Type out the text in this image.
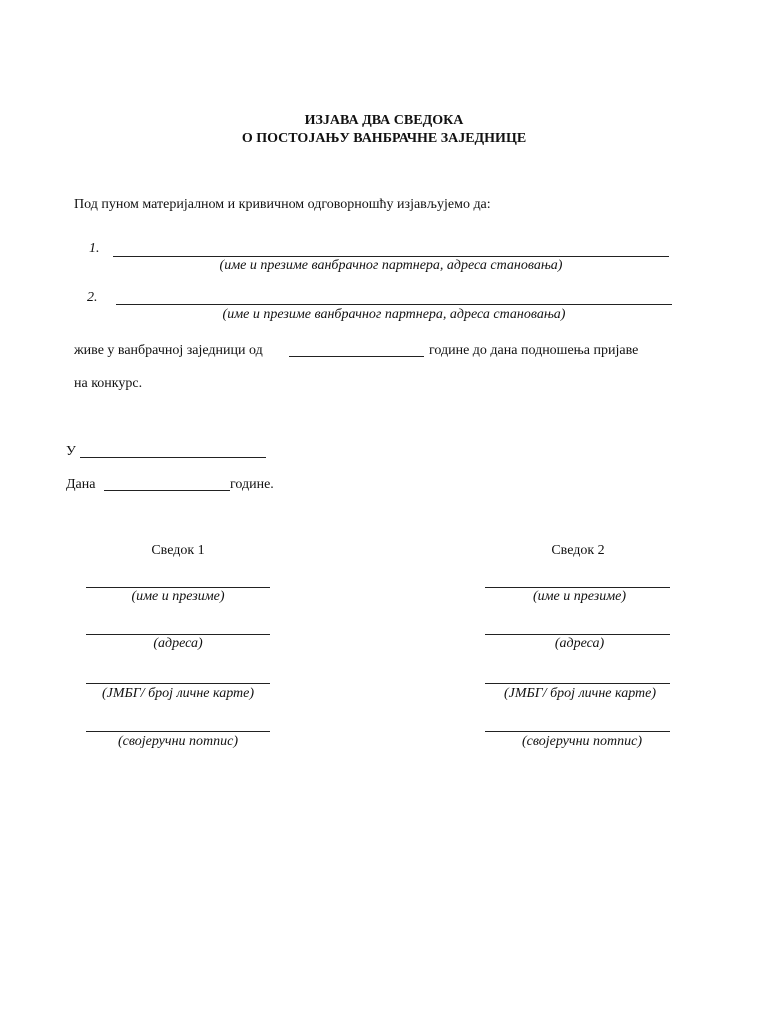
ИЗЈАВА ДВА СВЕДОКА
О ПОСТОЈАЊУ ВАНБРАЧНЕ ЗАЈЕДНИЦЕ
Под пуном материјалном и кривичном одговорношћу изјављујемо да:
1.
(име и презиме ванбрачног партнера, адреса становања)
2.
(име и презиме ванбрачног партнера, адреса становања)
живе у ванбрачној заједници од	године до дана подношења пријаве
на конкурс.
У
Дана	године.
Сведок 1
(име и презиме)
(адреса)
(ЈМБГ/ број личне карте)
(својеручни потпис)
Сведок 2
(име и презиме)
(адреса)
(ЈМБГ/ број личне карте)
(својеручни потпис)
